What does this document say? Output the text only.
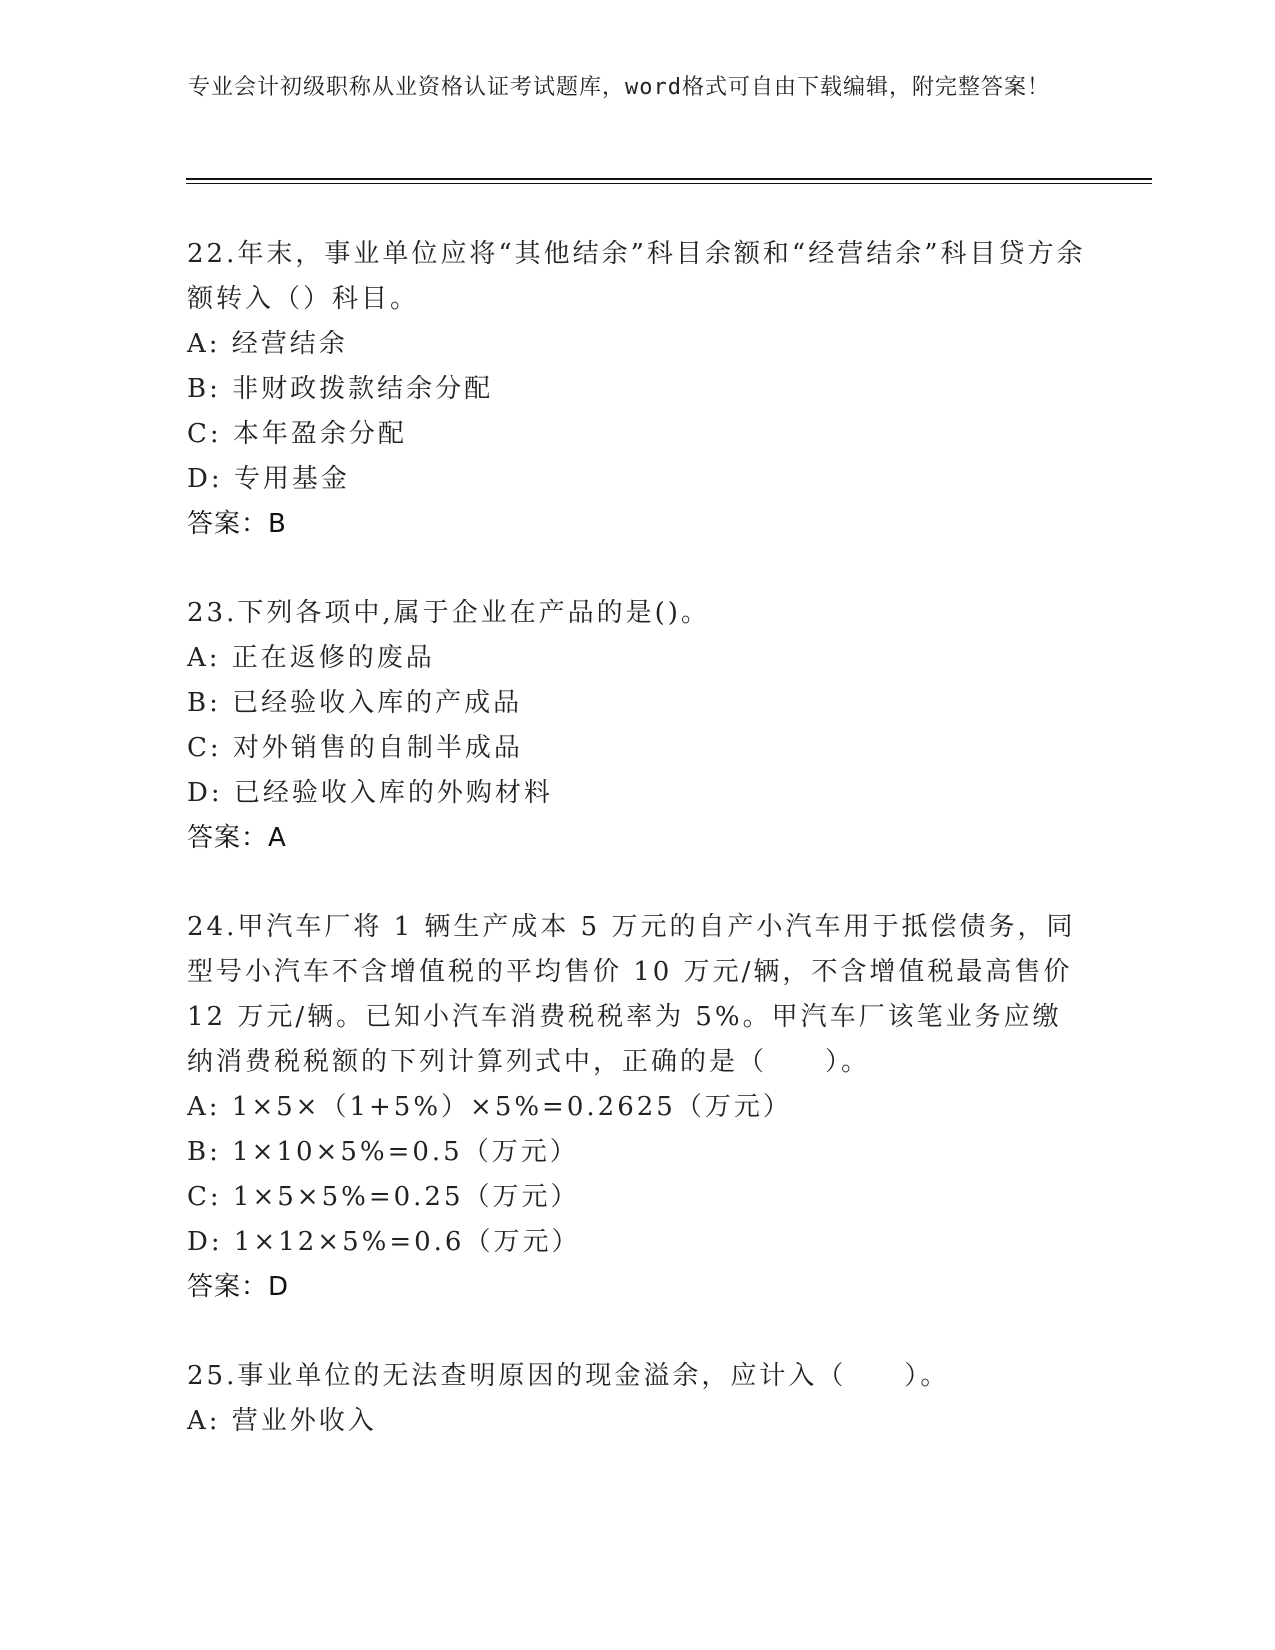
专业会计初级职称从业资格认证考试题库，word格式可自由下载编辑，附完整答案！
22.年末，事业单位应将“其他结余”科目余额和“经营结余”科目贷方余额转入（）科目。
A: 经营结余
B: 非财政拨款结余分配
C: 本年盈余分配
D: 专用基金
答案：B
23.下列各项中,属于企业在产品的是()。
A: 正在返修的废品
B: 已经验收入库的产成品
C: 对外销售的自制半成品
D: 已经验收入库的外购材料
答案：A
24.甲汽车厂将 1 辆生产成本 5 万元的自产小汽车用于抵偿债务，同型号小汽车不含增值税的平均售价 10 万元/辆，不含增值税最高售价 12 万元/辆。已知小汽车消费税税率为 5%。甲汽车厂该笔业务应缴纳消费税税额的下列计算列式中，正确的是（　　）。
A: 1×5×（1+5%）×5%=0.2625（万元）
B: 1×10×5%=0.5（万元）
C: 1×5×5%=0.25（万元）
D: 1×12×5%=0.6（万元）
答案：D
25.事业单位的无法查明原因的现金溢余，应计入（　　）。
A: 营业外收入
